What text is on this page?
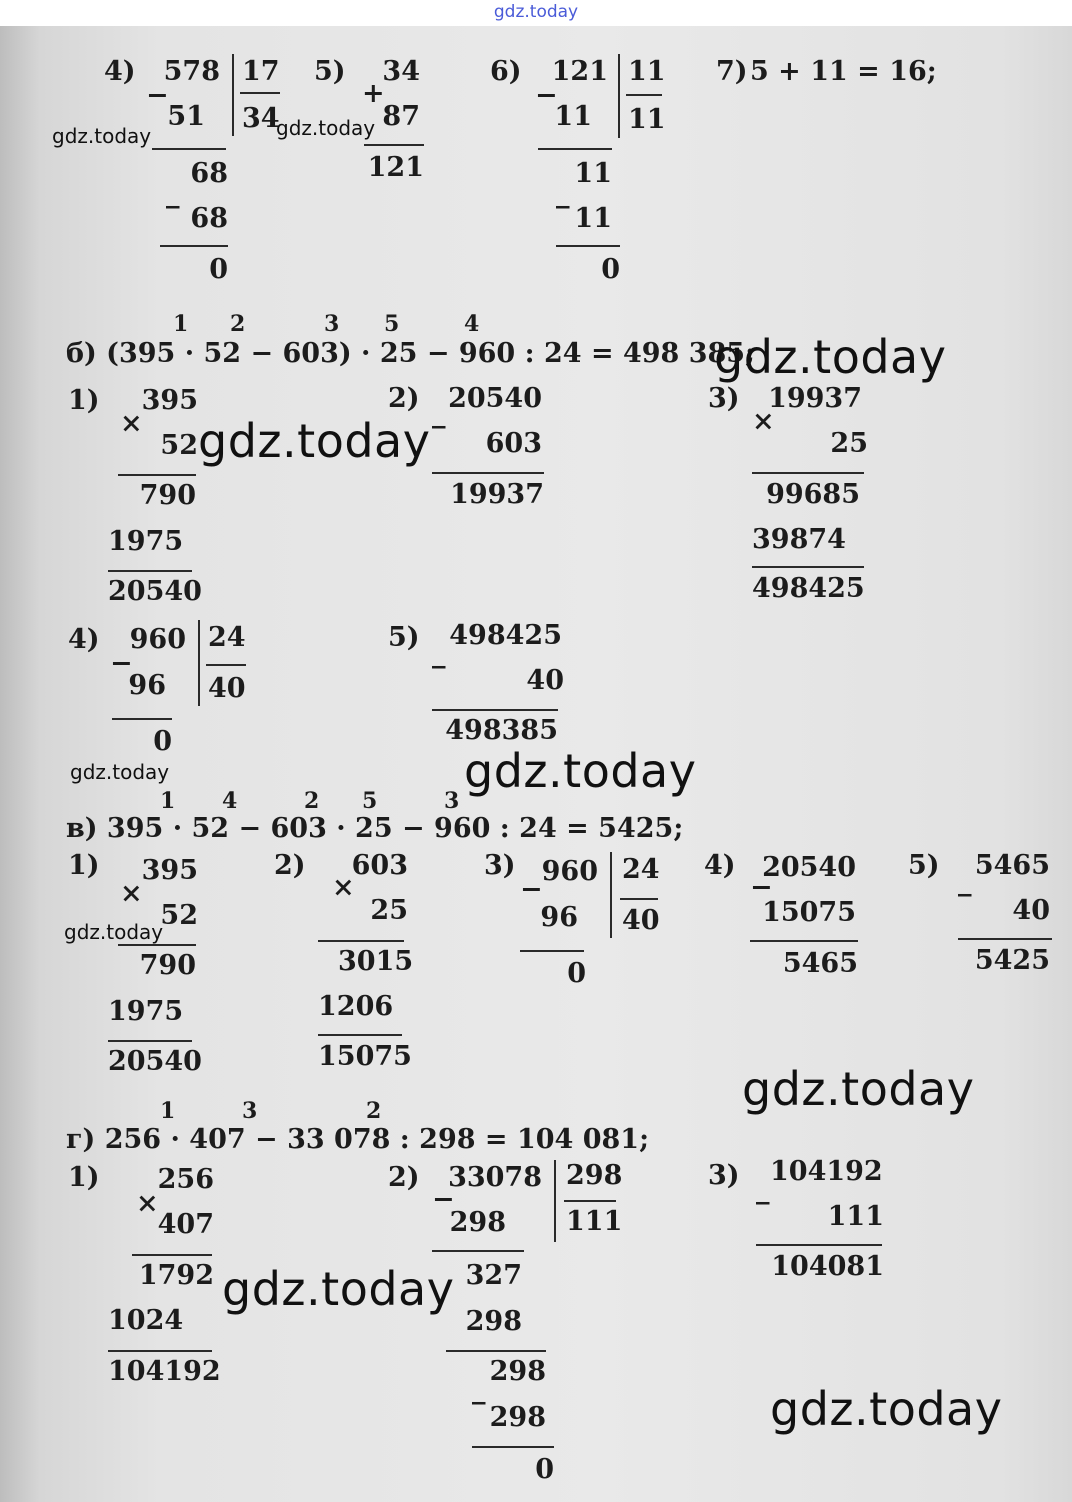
gdz.today
4)
−
578
51
17
34
68
_
68
0
5)
+
34
87
121
6)
−
121
11
11
11
11
_
11
0
7) 5 + 11 = 16;
1 2	3 5	4
б) (395 · 52 − 603) · 25 − 960 : 24 = 498 385;
1)
×
395
52
790
1975
20540
2) _ 20540
603
19937
3)
×
19937
25
99685
39874
498425
4)
−
960
96
24
40
0
5)
_
498425
40
498385
1 4	2 5	3
в) 395 · 52 − 603 · 25 − 960 : 24 = 5425;
1)
×
395
52
790
1975
20540
2)
×
603
25
3015
1206
15075
3)
−
960
96
24
40
0
4)
−
20540
15075
5465
5)
_
5465
40
5425
1	3	2
г) 256 · 407 − 33 078 : 298 = 104 081;
1)
×
256
407
1792
1024
104192
2)
−
33078
298
298
111
327
298
298
_
298
0
3) _
104192
111
104081
gdz.today	gdz.today
gdz.today
gdz.today
gdz.today	gdz.today
gdz.today
gdz.today
gdz.today
gdz.today
